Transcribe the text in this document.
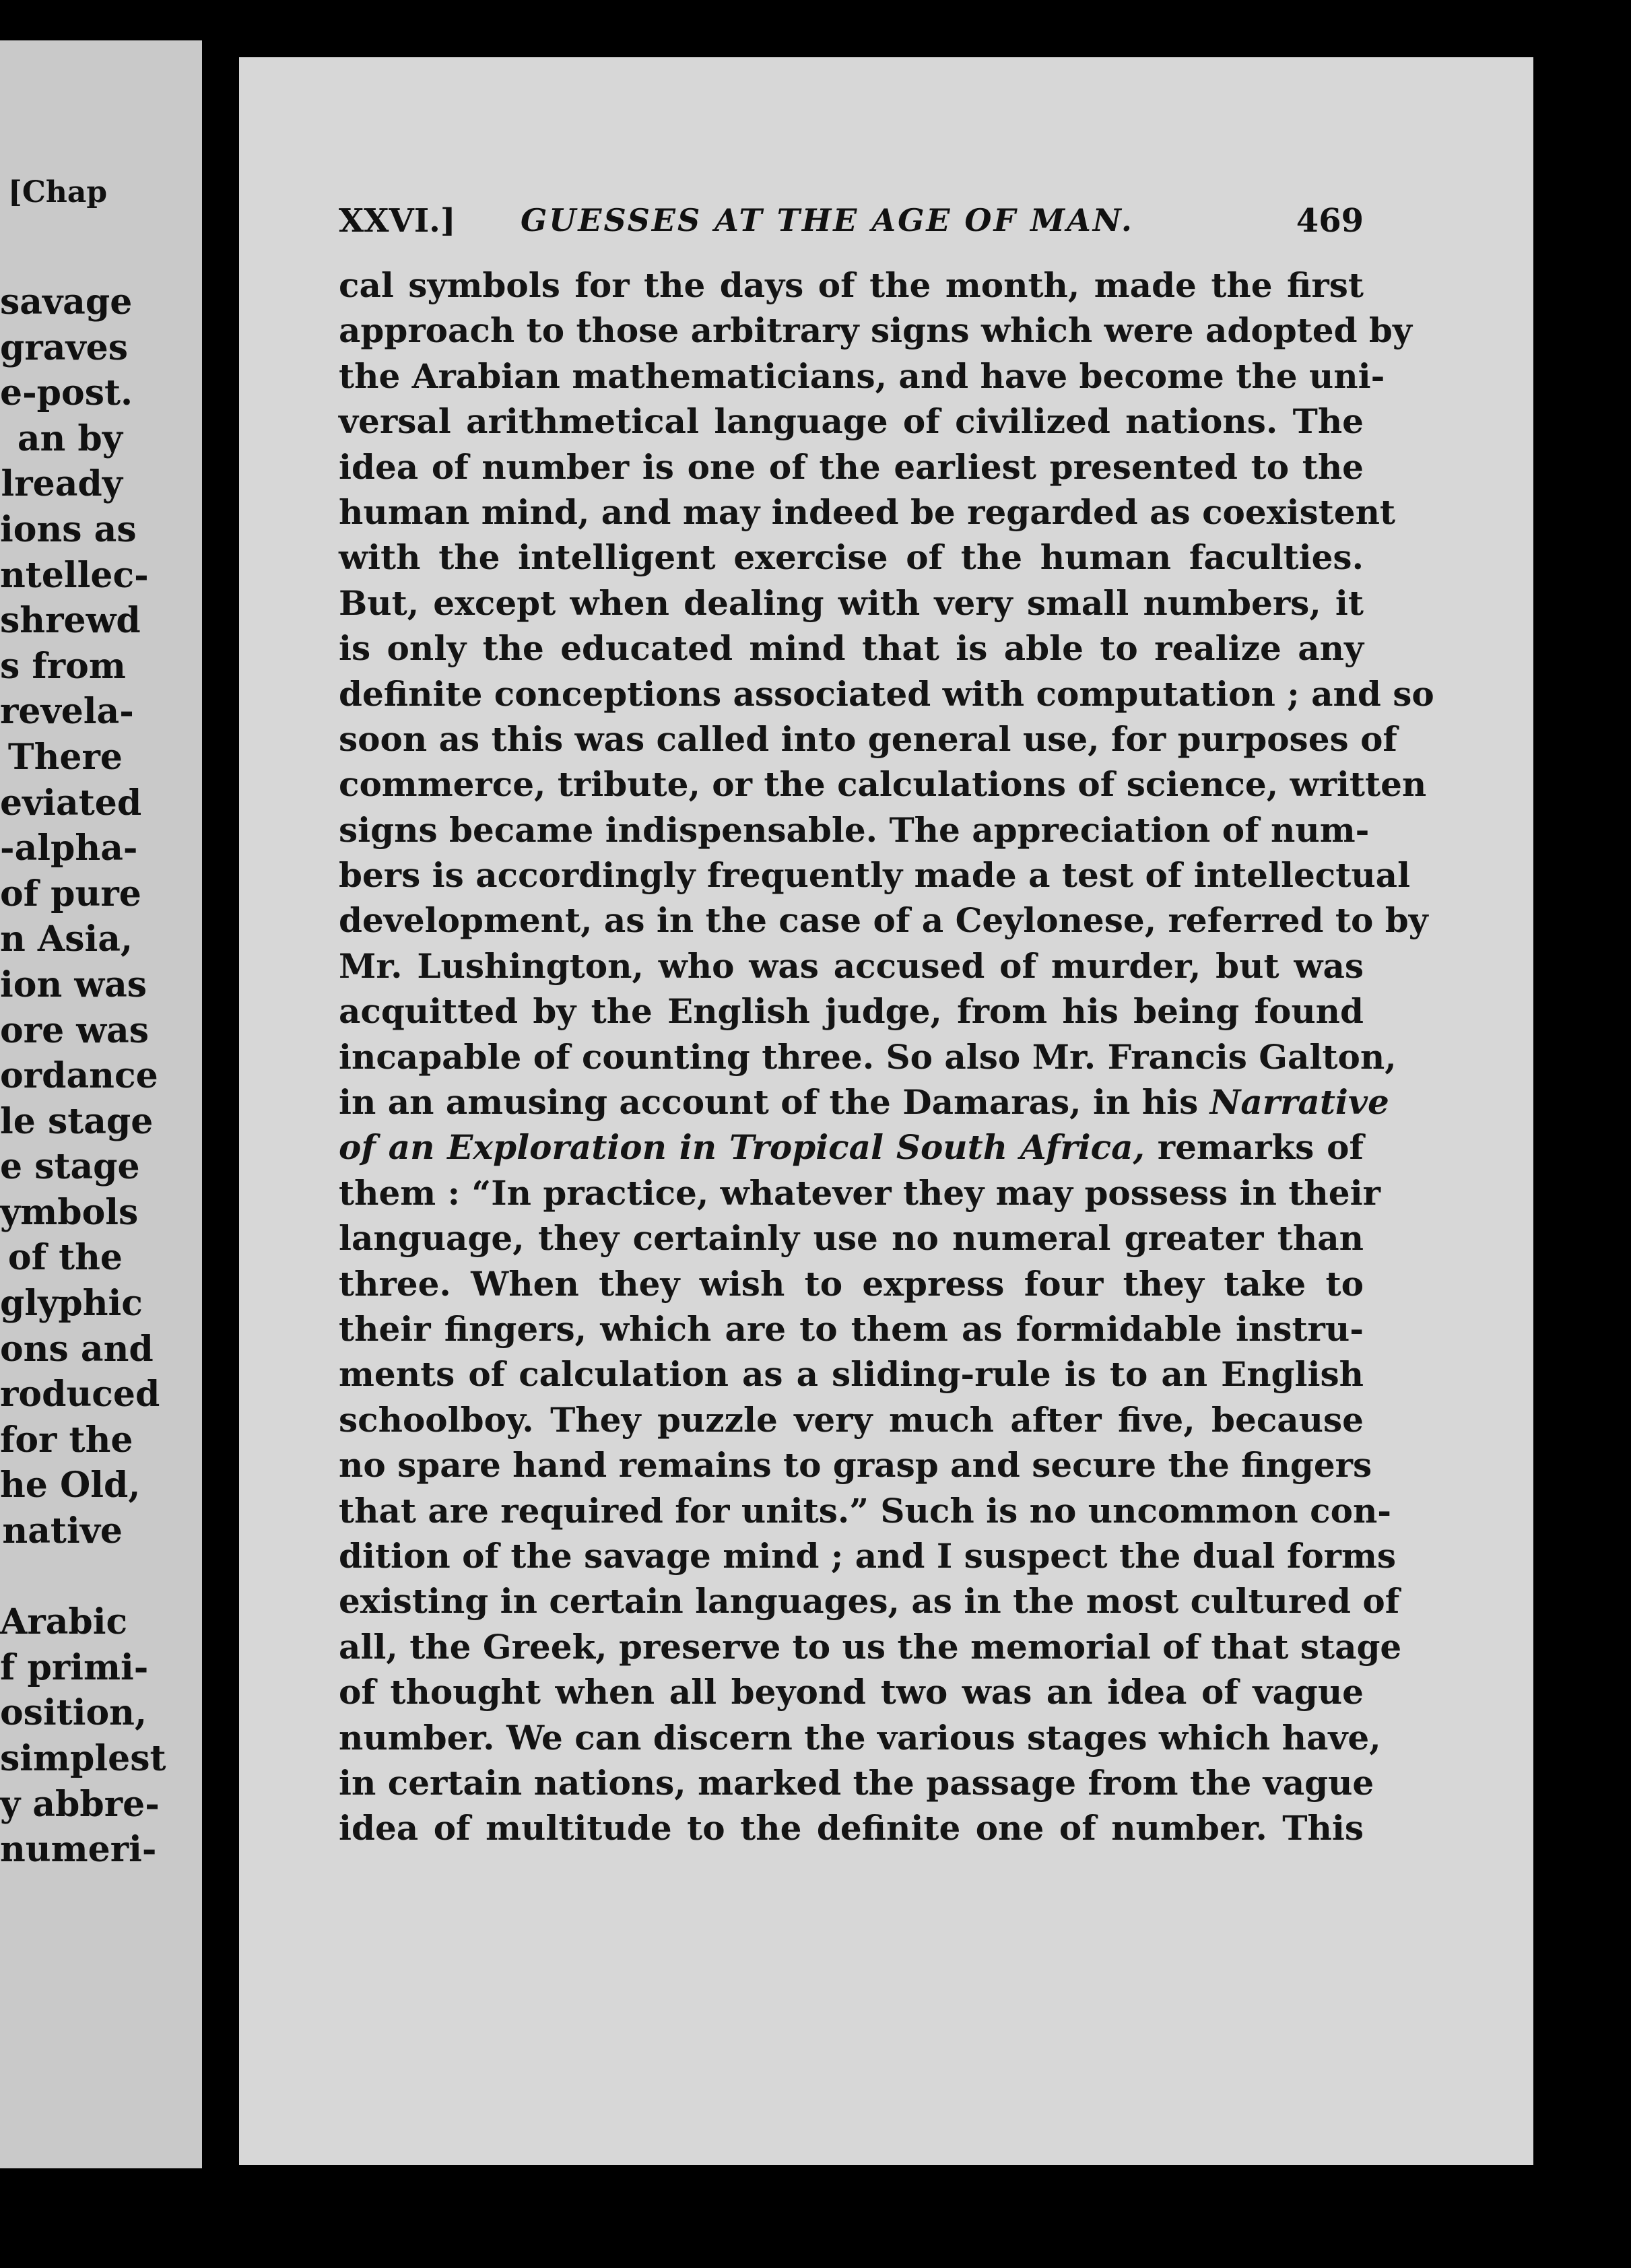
[Chap
savage
graves
e-post.
an by
lready
ions as
ntellec-
shrewd
s from
revela-
There
eviated
-alpha-
of pure
n Asia,
ion was
ore was
ordance
le stage
e stage
ymbols
of the
glyphic
ons and
roduced
for the
he Old,
native
Arabic
f primi-
osition,
simplest
y abbre-
numeri-
XXVI.] GUESSES AT THE AGE OF MAN.	469
cal symbols for the days of the month, made the first
approach to those arbitrary signs which were adopted by
the Arabian mathematicians, and have become the uni-
versal arithmetical language of civilized nations. The
idea of number is one of the earliest presented to the
human mind, and may indeed be regarded as coexistent
with the intelligent exercise of the human faculties.
But, except when dealing with very small numbers, it
is only the educated mind that is able to realize any
definite conceptions associated with computation ; and so
soon as this was called into general use, for purposes of
commerce, tribute, or the calculations of science, written
signs became indispensable. The appreciation of num-
bers is accordingly frequently made a test of intellectual
development, as in the case of a Ceylonese, referred to by
Mr. Lushington, who was accused of murder, but was
acquitted by the English judge, from his being found
incapable of counting three. So also Mr. Francis Galton,
in an amusing account of the Damaras, in his Narrative
of an Exploration in Tropical South Africa, remarks of
them : “In practice, whatever they may possess in their
language, they certainly use no numeral greater than
three. When they wish to express four they take to
their fingers, which are to them as formidable instru-
ments of calculation as a sliding-rule is to an English
schoolboy. They puzzle very much after five, because
no spare hand remains to grasp and secure the fingers
that are required for units.” Such is no uncommon con-
dition of the savage mind ; and I suspect the dual forms
existing in certain languages, as in the most cultured of
all, the Greek, preserve to us the memorial of that stage
of thought when all beyond two was an idea of vague
number. We can discern the various stages which have,
in certain nations, marked the passage from the vague
idea of multitude to the definite one of number. This
